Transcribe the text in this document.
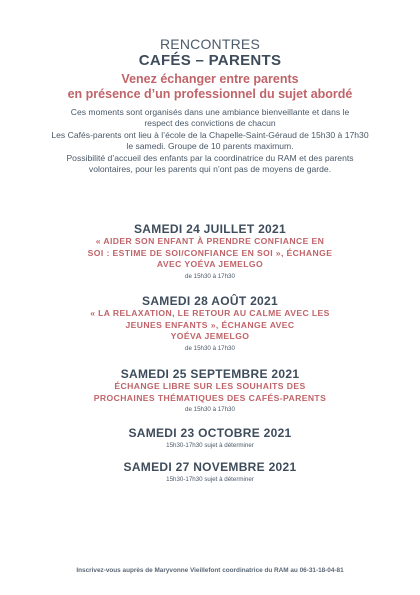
RENCONTRES
CAFÉS – PARENTS
Venez échanger entre parents
en présence d’un professionnel du sujet abordé
Ces moments sont organisés dans une ambiance bienveillante et dans le
respect des convictions de chacun
Les Cafés-parents ont lieu à l’école de la Chapelle-Saint-Géraud de 15h30 à 17h30
le samedi. Groupe de 10 parents maximum.
Possibilité d’accueil des enfants par la coordinatrice du RAM et des parents
volontaires, pour les parents qui n’ont pas de moyens de garde.
SAMEDI 24 JUILLET 2021
« AIDER SON ENFANT À PRENDRE CONFIANCE EN
SOI : ESTIME DE SOI/CONFIANCE EN SOI », ÉCHANGE
AVEC YOÉVA JEMELGO
de 15h30 à 17h30
SAMEDI 28 AOÛT 2021
« LA RELAXATION, LE RETOUR AU CALME AVEC LES
JEUNES ENFANTS », ÉCHANGE AVEC
YOÉVA JEMELGO
de 15h30 à 17h30
SAMEDI 25 SEPTEMBRE 2021
ÉCHANGE LIBRE SUR LES SOUHAITS DES
PROCHAINES THÉMATIQUES DES CAFÉS-PARENTS
de 15h30 à 17h30
SAMEDI 23 OCTOBRE 2021
15h30-17h30 sujet à déterminer
SAMEDI 27 NOVEMBRE 2021
15h30-17h30 sujet à déterminer
Inscrivez-vous auprès de Maryvonne Vieillefont coordinatrice du RAM au 06-31-18-04-81
